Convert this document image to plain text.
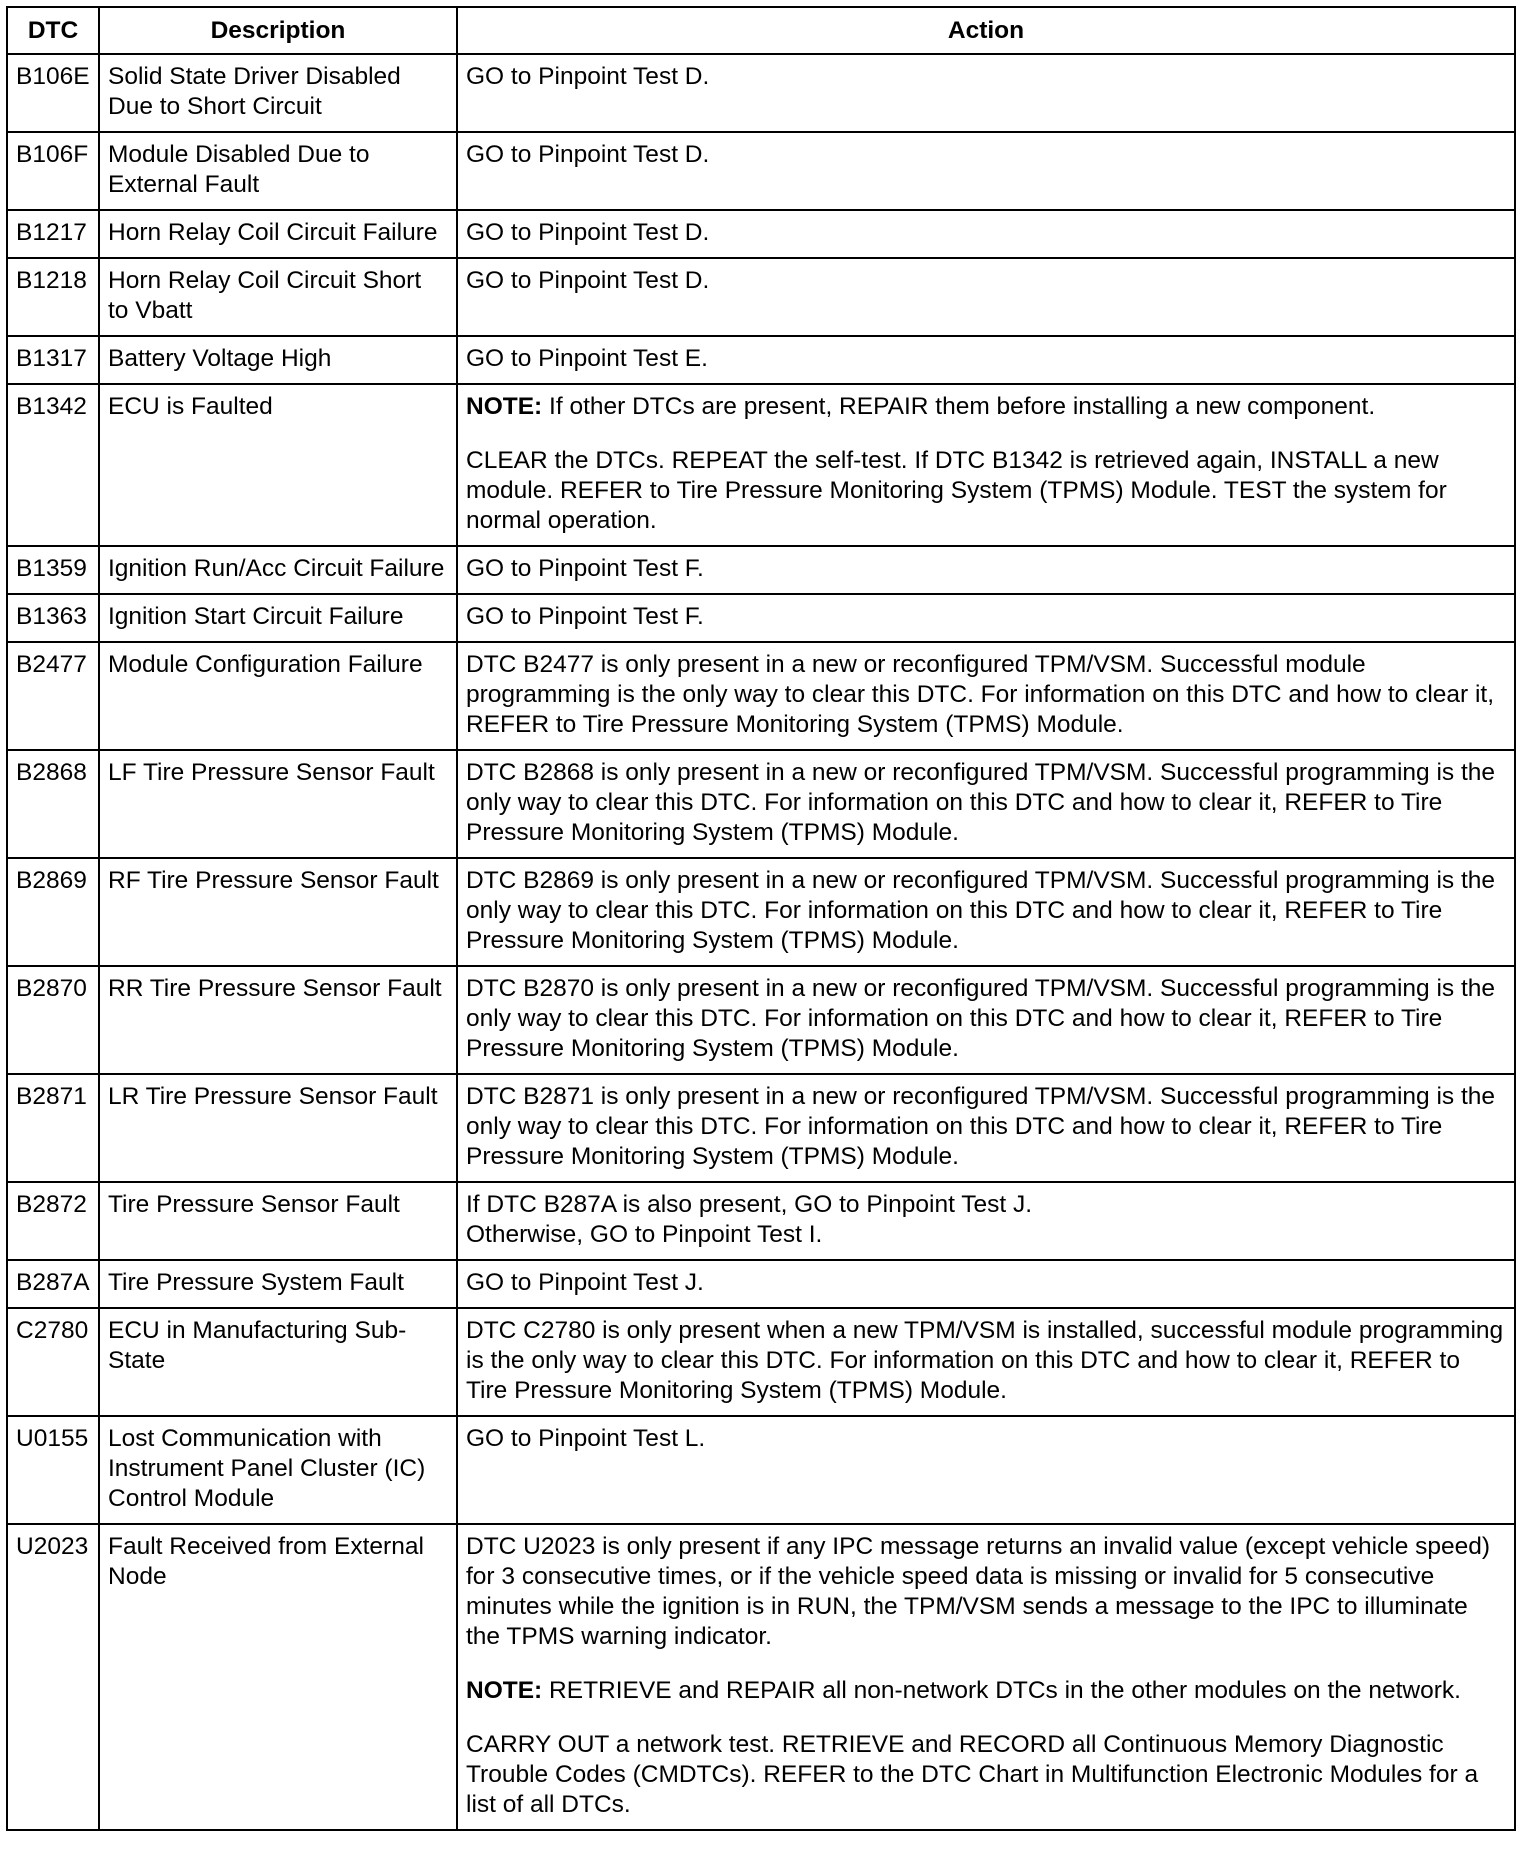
DTC	Description	Action
B106E	Solid State Driver Disabled Due to Short Circuit	GO to Pinpoint Test D.

B106F	Module Disabled Due to External Fault	GO to Pinpoint Test D.

B1217	Horn Relay Coil Circuit Failure	GO to Pinpoint Test D.

B1218	Horn Relay Coil Circuit Short to Vbatt	GO to Pinpoint Test D.

B1317	Battery Voltage High	GO to Pinpoint Test E.

B1342	ECU is Faulted	NOTE: If other DTCs are present, REPAIR them before installing a new component.

CLEAR the DTCs. REPEAT the self-test. If DTC B1342 is retrieved again, INSTALL a new module. REFER to Tire Pressure Monitoring System (TPMS) Module. TEST the system for normal operation.

B1359	Ignition Run/Acc Circuit Failure	GO to Pinpoint Test F.

B1363	Ignition Start Circuit Failure	GO to Pinpoint Test F.

B2477	Module Configuration Failure	DTC B2477 is only present in a new or reconfigured TPM/VSM. Successful module programming is the only way to clear this DTC. For information on this DTC and how to clear it, REFER to Tire Pressure Monitoring System (TPMS) Module.

B2868	LF Tire Pressure Sensor Fault	DTC B2868 is only present in a new or reconfigured TPM/VSM. Successful programming is the only way to clear this DTC. For information on this DTC and how to clear it, REFER to Tire Pressure Monitoring System (TPMS) Module.

B2869	RF Tire Pressure Sensor Fault	DTC B2869 is only present in a new or reconfigured TPM/VSM. Successful programming is the only way to clear this DTC. For information on this DTC and how to clear it, REFER to Tire Pressure Monitoring System (TPMS) Module.

B2870	RR Tire Pressure Sensor Fault	DTC B2870 is only present in a new or reconfigured TPM/VSM. Successful programming is the only way to clear this DTC. For information on this DTC and how to clear it, REFER to Tire Pressure Monitoring System (TPMS) Module.

B2871	LR Tire Pressure Sensor Fault	DTC B2871 is only present in a new or reconfigured TPM/VSM. Successful programming is the only way to clear this DTC. For information on this DTC and how to clear it, REFER to Tire Pressure Monitoring System (TPMS) Module.

B2872	Tire Pressure Sensor Fault	If DTC B287A is also present, GO to Pinpoint Test J.
Otherwise, GO to Pinpoint Test I.

B287A	Tire Pressure System Fault	GO to Pinpoint Test J.

C2780	ECU in Manufacturing Sub-State	DTC C2780 is only present when a new TPM/VSM is installed, successful module programming is the only way to clear this DTC. For information on this DTC and how to clear it, REFER to Tire Pressure Monitoring System (TPMS) Module.

U0155	Lost Communication with Instrument Panel Cluster (IC) Control Module	GO to Pinpoint Test L.

U2023	Fault Received from External Node	DTC U2023 is only present if any IPC message returns an invalid value (except vehicle speed) for 3 consecutive times, or if the vehicle speed data is missing or invalid for 5 consecutive minutes while the ignition is in RUN, the TPM/VSM sends a message to the IPC to illuminate the TPMS warning indicator.

NOTE: RETRIEVE and REPAIR all non-network DTCs in the other modules on the network.

CARRY OUT a network test. RETRIEVE and RECORD all Continuous Memory Diagnostic Trouble Codes (CMDTCs). REFER to the DTC Chart in Multifunction Electronic Modules for a list of all DTCs.
